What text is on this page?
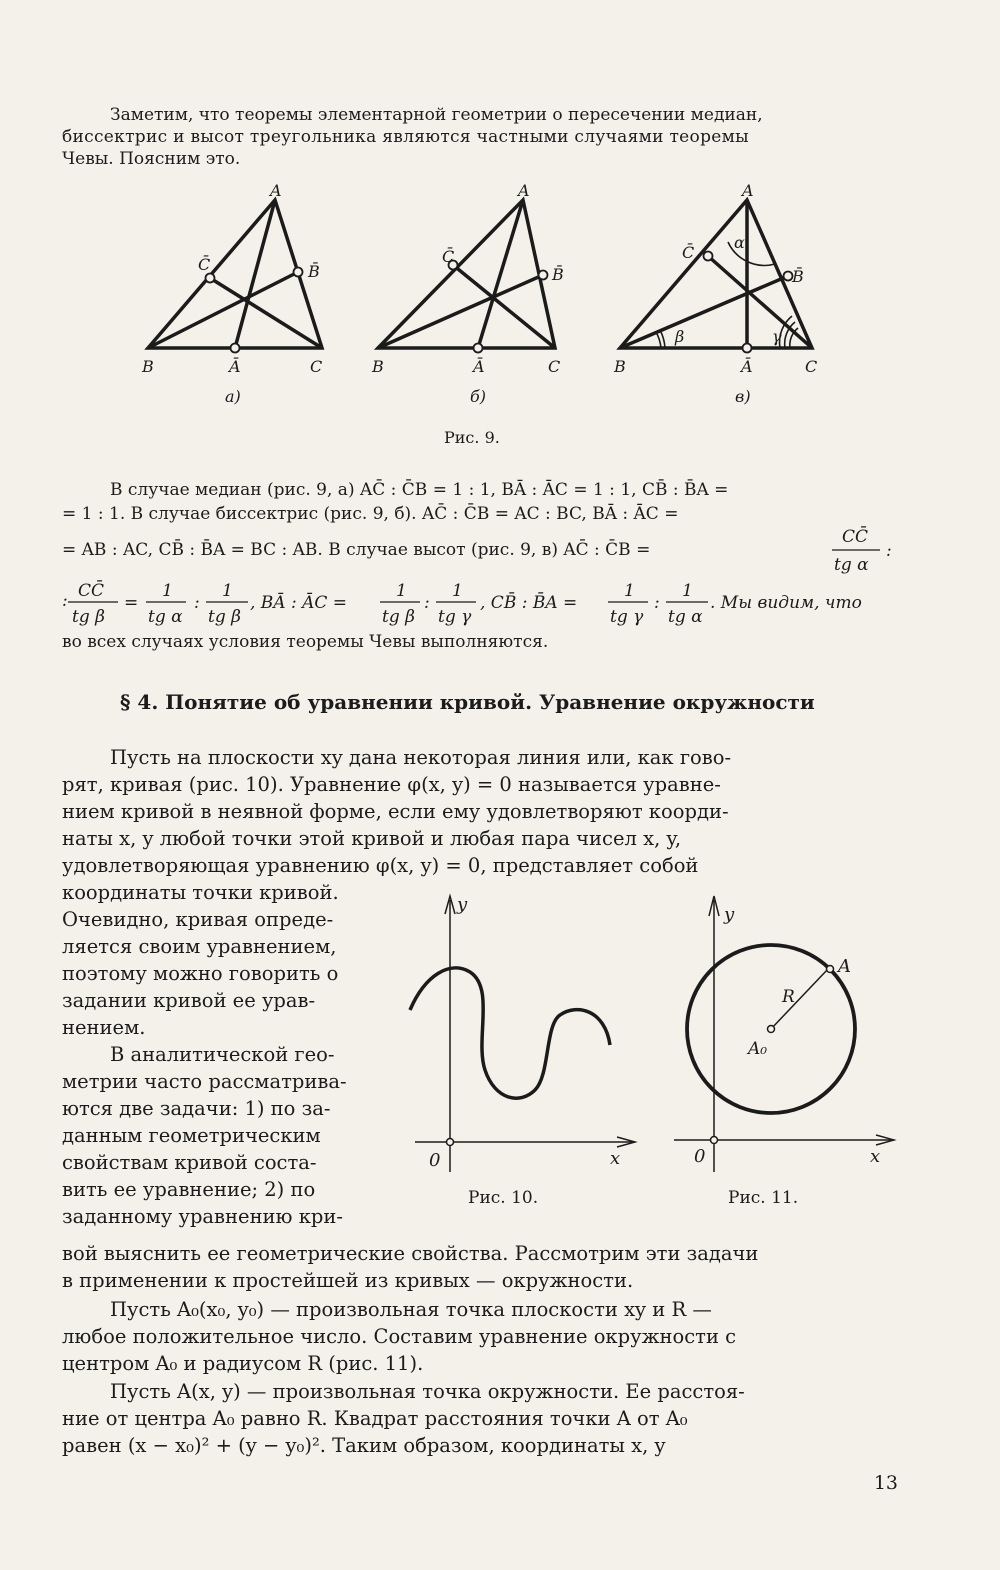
Заметим, что теоремы элементарной геометрии о пересечении медиан,
биссектрис и высот треугольника являются частными случаями теоремы
Чевы. Поясним это.
A
C̄	B̄
B	Ā	C
а)
A
C̄
B̄
B	Ā	C
б)
A
C̄
B̄
B	Ā	C
α
β	γ
в)
Рис. 9.
В случае медиан (рис. 9, а) AC̄ : C̄B = 1 : 1, BĀ : ĀC = 1 : 1, CB̄ : B̄A =
= 1 : 1. В случае биссектрис (рис. 9, б). AC̄ : C̄B = AC : BC, BĀ : ĀC =
= AB : AC, CB̄ : B̄A = BC : AB. В случае высот (рис. 9, в) AC̄ : C̄B =
CC̄
tg α
:
: CC̄
tg β
=
1
tg α
:
1
tg β
, BĀ : ĀC =
1
tg β
:
1
tg γ
, CB̄ : B̄A =
1
tg γ
:
1
tg α
. Мы видим, что
во всех случаях условия теоремы Чевы выполняются.
§ 4. Понятие об уравнении кривой. Уравнение окружности
Пусть на плоскости xy дана некоторая линия или, как гово-
рят, кривая (рис. 10). Уравнение φ(x, y) = 0 называется уравне-
нием кривой в неявной форме, если ему удовлетворяют коорди-
наты x, y любой точки этой кривой и любая пара чисел x, y,
удовлетворяющая уравнению φ(x, y) = 0, представляет собой
координаты точки кривой.
Очевидно, кривая опреде-
ляется своим уравнением,
поэтому можно говорить о
задании кривой ее урав-
нением.
В аналитической гео-
метрии часто рассматрива-
ются две задачи: 1) по за-
данным геометрическим
свойствам кривой соста-
вить ее уравнение; 2) по
заданному уравнению кри-
y
x
0
Рис. 10.
y
x
0
A
A₀
R
Рис. 11.
вой выяснить ее геометрические свойства. Рассмотрим эти задачи
в применении к простейшей из кривых — окружности.
Пусть A₀(x₀, y₀) — произвольная точка плоскости xy и R —
любое положительное число. Составим уравнение окружности с
центром A₀ и радиусом R (рис. 11).
Пусть A(x, y) — произвольная точка окружности. Ее расстоя-
ние от центра A₀ равно R. Квадрат расстояния точки A от A₀
равен (x − x₀)² + (y − y₀)². Таким образом, координаты x, y
13
